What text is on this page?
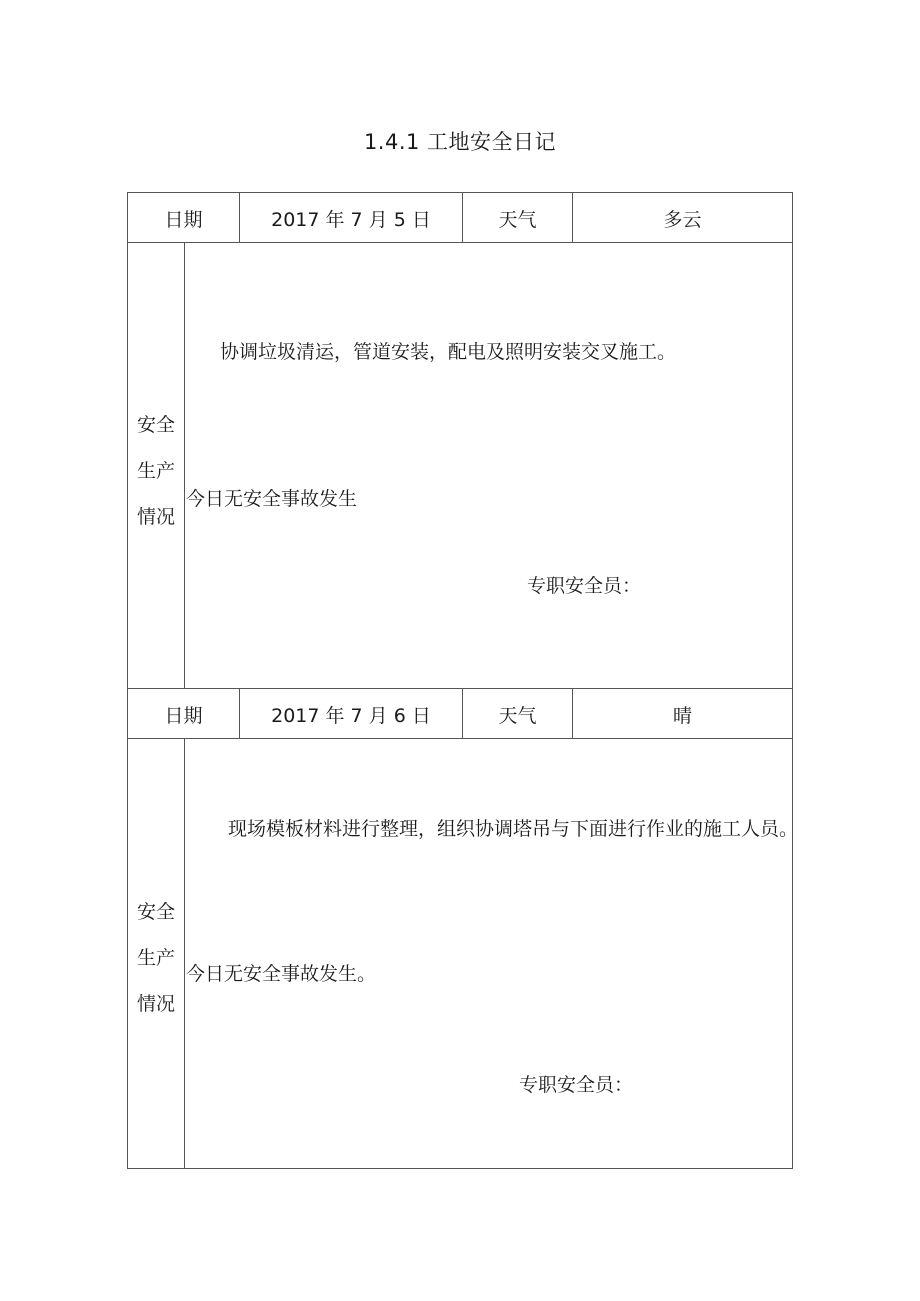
1.4.1 工地安全日记
日期	2017 年 7 月 5 日	天气	多云
安全
生产
情况
协调垃圾清运，管道安装，配电及照明安装交叉施工。
今日无安全事故发生
专职安全员：
日期	2017 年 7 月 6 日	天气	晴
安全
生产
情况
现场模板材料进行整理，组织协调塔吊与下面进行作业的施工人员。
今日无安全事故发生。
专职安全员：
